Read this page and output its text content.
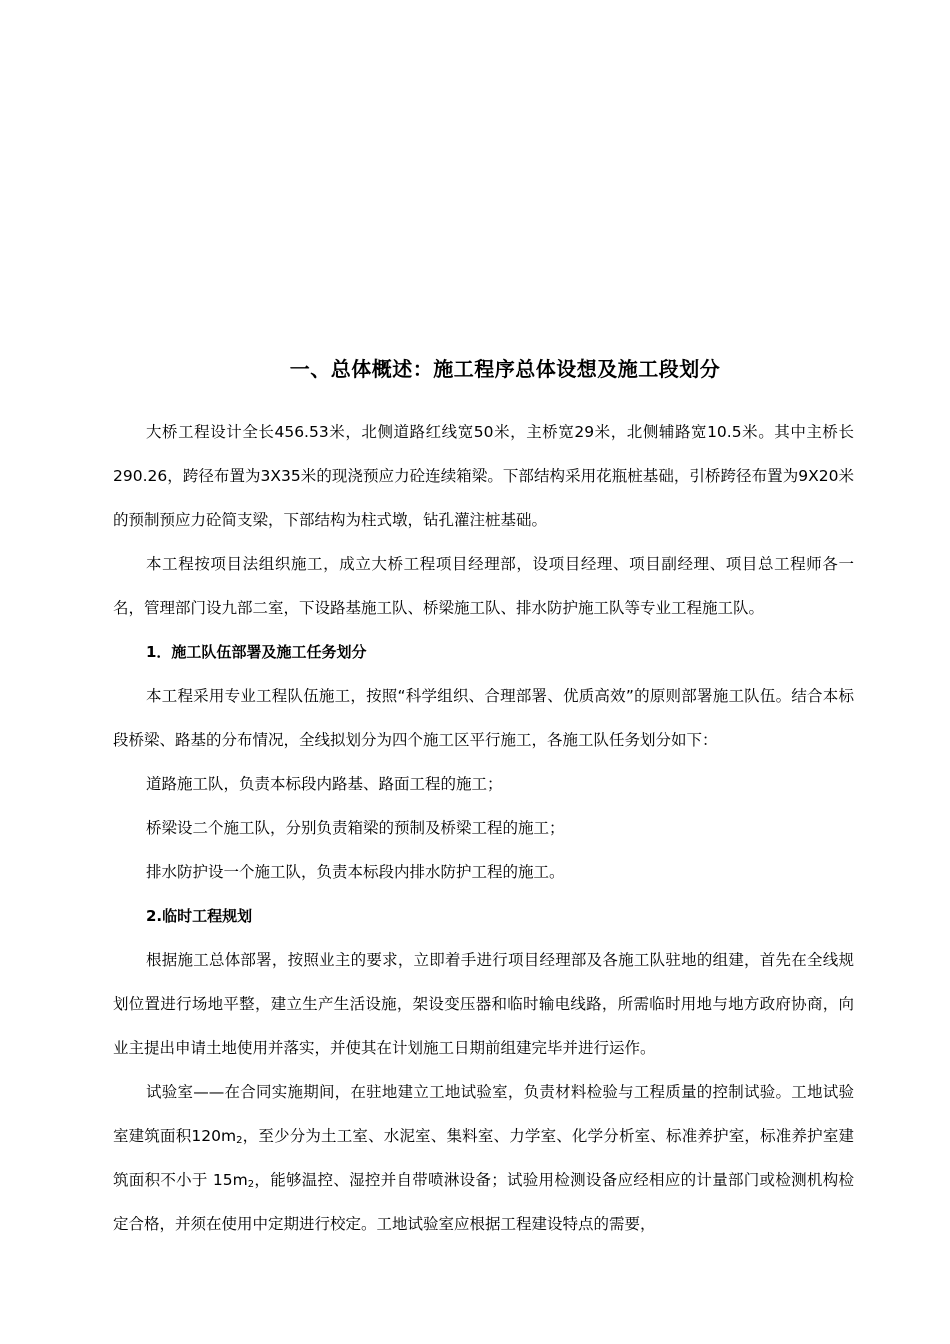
一、总体概述：施工程序总体设想及施工段划分

大桥工程设计全长456.53米，北侧道路红线宽50米，主桥宽29米，北侧辅路宽10.5米。其中主桥长290.26，跨径布置为3X35米的现浇预应力砼连续箱梁。下部结构采用花瓶桩基础，引桥跨径布置为9X20米的预制预应力砼简支梁，下部结构为柱式墩，钻孔灌注桩基础。

本工程按项目法组织施工，成立大桥工程项目经理部，设项目经理、项目副经理、项目总工程师各一名，管理部门设九部二室，下设路基施工队、桥梁施工队、排水防护施工队等专业工程施工队。

1．施工队伍部署及施工任务划分

本工程采用专业工程队伍施工，按照“科学组织、合理部署、优质高效”的原则部署施工队伍。结合本标段桥梁、路基的分布情况，全线拟划分为四个施工区平行施工，各施工队任务划分如下：

道路施工队，负责本标段内路基、路面工程的施工；

桥梁设二个施工队，分别负责箱梁的预制及桥梁工程的施工；

排水防护设一个施工队，负责本标段内排水防护工程的施工。

2.临时工程规划

根据施工总体部署，按照业主的要求，立即着手进行项目经理部及各施工队驻地的组建，首先在全线规划位置进行场地平整，建立生产生活设施，架设变压器和临时输电线路，所需临时用地与地方政府协商，向业主提出申请土地使用并落实，并使其在计划施工日期前组建完毕并进行运作。

试验室——在合同实施期间，在驻地建立工地试验室，负责材料检验与工程质量的控制试验。工地试验室建筑面积$120m_2$，至少分为土工室、水泥室、集料室、力学室、化学分析室、标准养护室，标准养护室建筑面积不小于 $15m_2$，能够温控、湿控并自带喷淋设备；试验用检测设备应经相应的计量部门或检测机构检定合格，并须在使用中定期进行校定。工地试验室应根据工程建设特点的需要，
